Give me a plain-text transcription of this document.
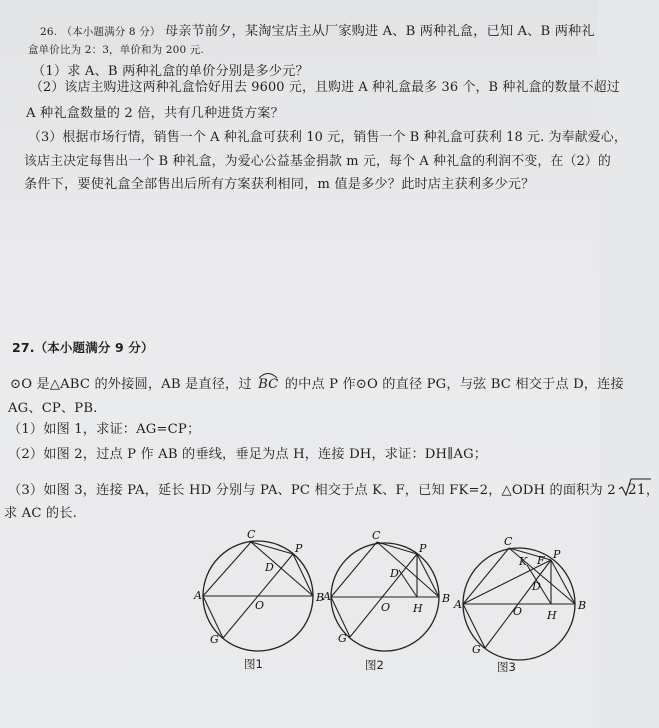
26. （本小题满分 8 分） 母亲节前夕，某淘宝店主从厂家购进 A、B 两种礼盒，已知 A、B 两种礼
盒单价比为 2：3，单价和为 200 元.
（1）求 A、B 两种礼盒的单价分别是多少元？
（2）该店主购进这两种礼盒恰好用去 9600 元，且购进 A 种礼盒最多 36 个，B 种礼盒的数量不超过
A 种礼盒数量的 2 倍，共有几种进货方案？
（3）根据市场行情，销售一个 A 种礼盒可获利 10 元，销售一个 B 种礼盒可获利 18 元. 为奉献爱心，
该店主决定每售出一个 B 种礼盒，为爱心公益基金捐款 m 元，每个 A 种礼盒的利润不变，在（2）的
条件下，要使礼盒全部售出后所有方案获利相同，m 值是多少？此时店主获利多少元？
27.（本小题满分 9 分）
⊙O 是△ABC 的外接圆，AB 是直径，过 BC 的中点 P 作⊙O 的直径 PG，与弦 BC 相交于点 D，连接
AG、CP、PB.
（1）如图 1，求证：AG=CP；
（2）如图 2，过点 P 作 AB 的垂线，垂足为点 H，连接 DH，求证：DH∥AG；
（3）如图 3，连接 PA，延长 HD 分别与 PA、PC 相交于点 K、F，已知 FK=2，△ODH 的面积为 2 21，
求 AC 的长.
C
P
D
A	B
O
G
图1
C
P
D
A	B
O H
G
图2
C
P
K F
D
A	B
O H
G
图3
